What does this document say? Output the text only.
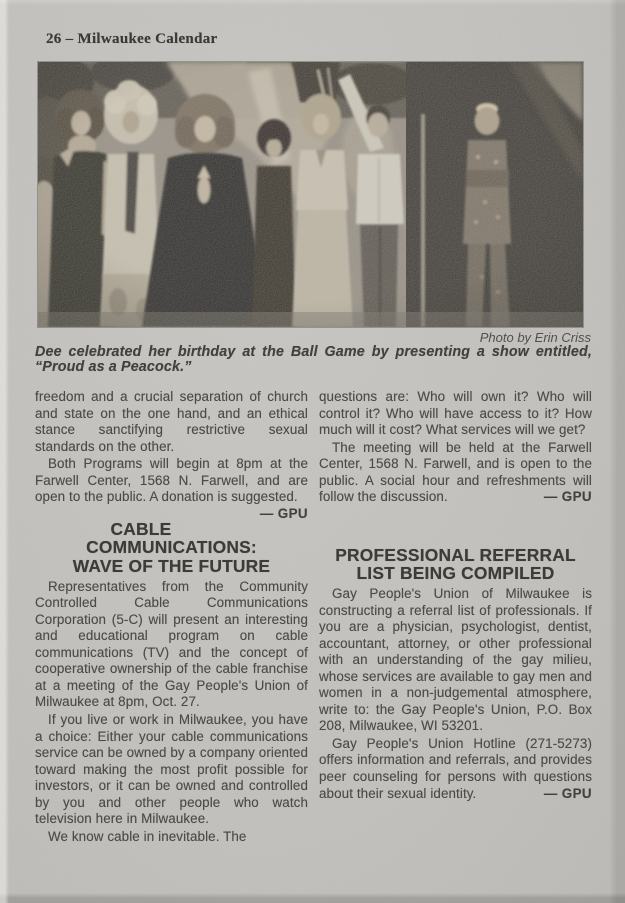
26 – Milwaukee Calendar
Photo by Erin Criss
Dee celebrated her birthday at the Ball Game by presenting a show entitled, “Proud as a Peacock.”

freedom and a crucial separation of church and state on the one hand, and an ethical stance sanctifying restrictive sexual standards on the other.

Both Programs will begin at 8pm at the Farwell Center, 1568 N. Farwell, and are open to the public. A donation is suggested.
— GPU

CABLE COMMUNICATIONS:
WAVE OF THE FUTURE

Representatives from the Community Controlled Cable Communications Corporation (5-C) will present an interesting and educational program on cable communications (TV) and the concept of cooperative ownership of the cable franchise at a meeting of the Gay People's Union of Milwaukee at 8pm, Oct. 27.

If you live or work in Milwaukee, you have a choice: Either your cable communications service can be owned by a company oriented toward making the most profit possible for investors, or it can be owned and controlled by you and other people who watch television here in Milwaukee.

We know cable in inevitable. The

questions are: Who will own it? Who will control it? Who will have access to it? How much will it cost? What services will we get?

The meeting will be held at the Farwell Center, 1568 N. Farwell, and is open to the public. A social hour and refreshments will follow the discussion.	— GPU

PROFESSIONAL REFERRAL
LIST BEING COMPILED

Gay People's Union of Milwaukee is constructing a referral list of professionals. If you are a physician, psychologist, dentist, accountant, attorney, or other professional with an understanding of the gay milieu, whose services are available to gay men and women in a non-judgemental atmosphere, write to: the Gay People's Union, P.O. Box 208, Milwaukee, WI 53201.

Gay People's Union Hotline (271-5273) offers information and referrals, and provides peer counseling for persons with questions about their sexual identity.	— GPU
